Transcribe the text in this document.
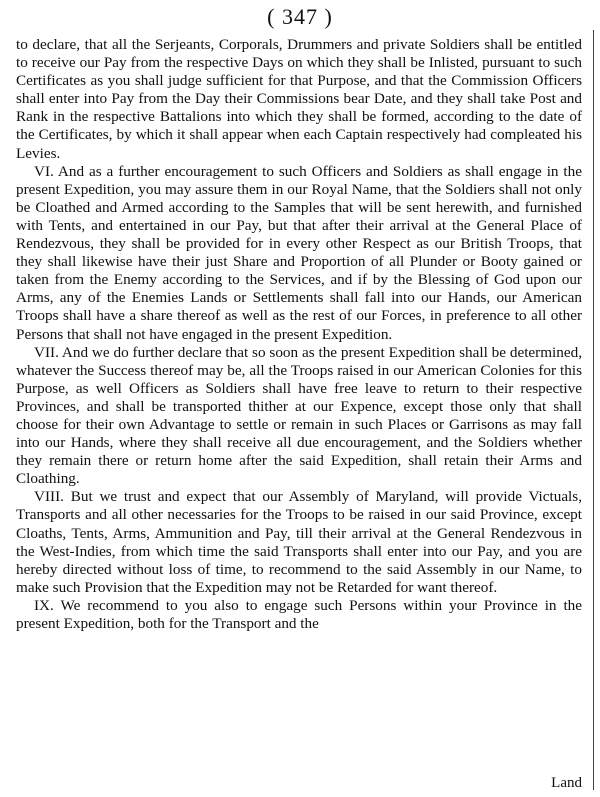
( 347 )

to declare, that all the Serjeants, Corporals, Drummers and private Soldiers shall be entitled to receive our Pay from the respective Days on which they shall be Inlisted, pursuant to such Certificates as you shall judge sufficient for that Purpose, and that the Commission Officers shall enter into Pay from the Day their Commissions bear Date, and they shall take Post and Rank in the respective Battalions into which they shall be formed, according to the date of the Certificates, by which it shall appear when each Captain respectively had compleated his Levies.

VI. And as a further encouragement to such Officers and Soldiers as shall engage in the present Expedition, you may assure them in our Royal Name, that the Soldiers shall not only be Cloathed and Armed according to the Samples that will be sent herewith, and furnished with Tents, and entertained in our Pay, but that after their arrival at the General Place of Rendezvous, they shall be provided for in every other Respect as our British Troops, that they shall likewise have their just Share and Proportion of all Plunder or Booty gained or taken from the Enemy according to the Services, and if by the Blessing of God upon our Arms, any of the Enemies Lands or Settlements shall fall into our Hands, our American Troops shall have a share thereof as well as the rest of our Forces, in preference to all other Persons that shall not have engaged in the present Expedition.

VII. And we do further declare that so soon as the present Expedition shall be determined, whatever the Success thereof may be, all the Troops raised in our American Colonies for this Purpose, as well Officers as Soldiers shall have free leave to return to their respective Provinces, and shall be transported thither at our Expence, except those only that shall choose for their own Advantage to settle or remain in such Places or Garrisons as may fall into our Hands, where they shall receive all due encouragement, and the Soldiers whether they remain there or return home after the said Expedition, shall retain their Arms and Cloathing.

VIII. But we trust and expect that our Assembly of Maryland, will provide Victuals, Transports and all other necessaries for the Troops to be raised in our said Province, except Cloaths, Tents, Arms, Ammunition and Pay, till their arrival at the General Rendezvous in the West-Indies, from which time the said Transports shall enter into our Pay, and you are hereby directed without loss of time, to recommend to the said Assembly in our Name, to make such Provision that the Expedition may not be Retarded for want thereof.

IX. We recommend to you also to engage such Persons within your Province in the present Expedition, both for the Transport and the

Land
